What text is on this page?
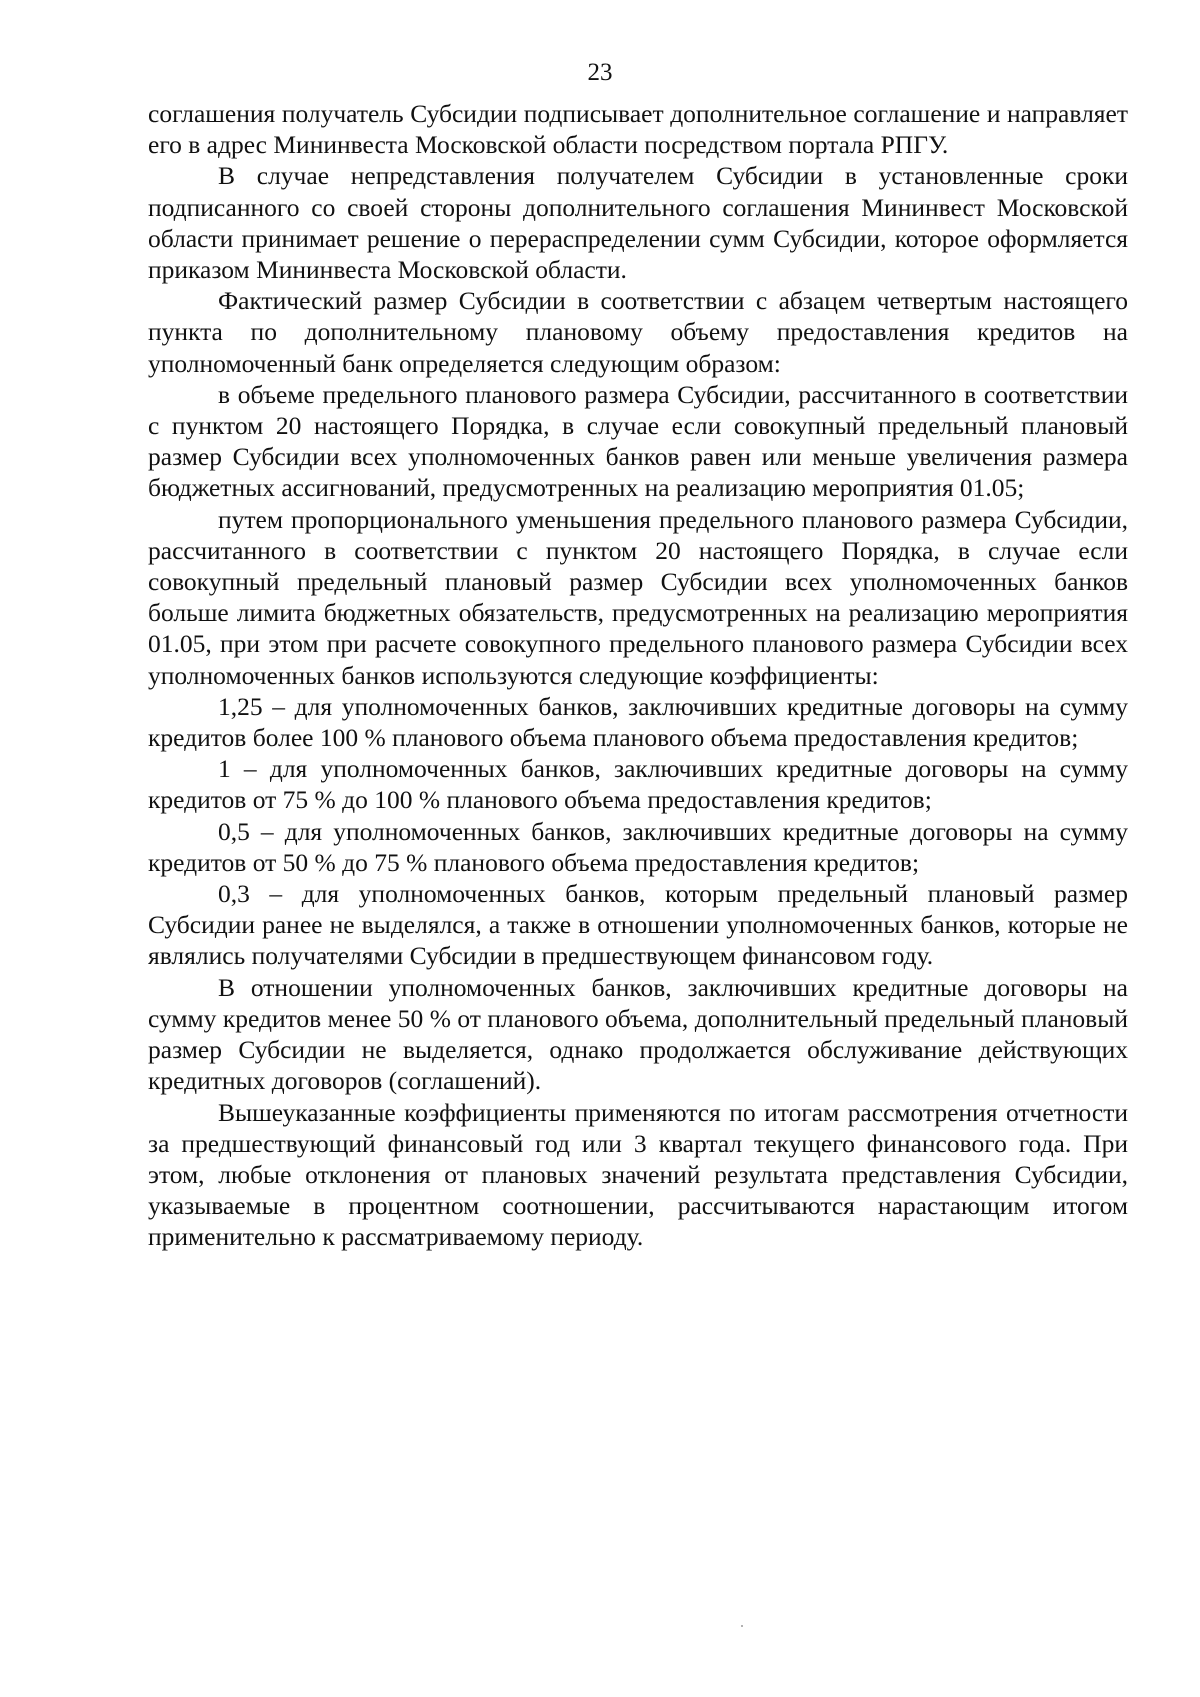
23

соглашения получатель Субсидии подписывает дополнительное соглашение и направляет его в адрес Мининвеста Московской области посредством портала РПГУ.

В случае непредставления получателем Субсидии в установленные сроки подписанного со своей стороны дополнительного соглашения Мининвест Московской области принимает решение о перераспределении сумм Субсидии, которое оформляется приказом Мининвеста Московской области.

Фактический размер Субсидии в соответствии с абзацем четвертым настоящего пункта по дополнительному плановому объему предоставления кредитов на уполномоченный банк определяется следующим образом:

в объеме предельного планового размера Субсидии, рассчитанного в соответствии с пунктом 20 настоящего Порядка, в случае если совокупный предельный плановый размер Субсидии всех уполномоченных банков равен или меньше увеличения размера бюджетных ассигнований, предусмотренных на реализацию мероприятия 01.05;

путем пропорционального уменьшения предельного планового размера Субсидии, рассчитанного в соответствии с пунктом 20 настоящего Порядка, в случае если совокупный предельный плановый размер Субсидии всех уполномоченных банков больше лимита бюджетных обязательств, предусмотренных на реализацию мероприятия 01.05, при этом при расчете совокупного предельного планового размера Субсидии всех уполномоченных банков используются следующие коэффициенты:

1,25 – для уполномоченных банков, заключивших кредитные договоры на сумму кредитов более 100 % планового объема планового объема предоставления кредитов;

1 – для уполномоченных банков, заключивших кредитные договоры на сумму кредитов от 75 % до 100 % планового объема предоставления кредитов;

0,5 – для уполномоченных банков, заключивших кредитные договоры на сумму кредитов от 50 % до 75 % планового объема предоставления кредитов;

0,3 – для уполномоченных банков, которым предельный плановый размер Субсидии ранее не выделялся, а также в отношении уполномоченных банков, которые не являлись получателями Субсидии в предшествующем финансовом году.

В отношении уполномоченных банков, заключивших кредитные договоры на сумму кредитов менее 50 % от планового объема, дополнительный предельный плановый размер Субсидии не выделяется, однако продолжается обслуживание действующих кредитных договоров (соглашений).

Вышеуказанные коэффициенты применяются по итогам рассмотрения отчетности за предшествующий финансовый год или 3 квартал текущего финансового года. При этом, любые отклонения от плановых значений результата представления Субсидии, указываемые в процентном соотношении, рассчитываются нарастающим итогом применительно к рассматриваемому периоду.
